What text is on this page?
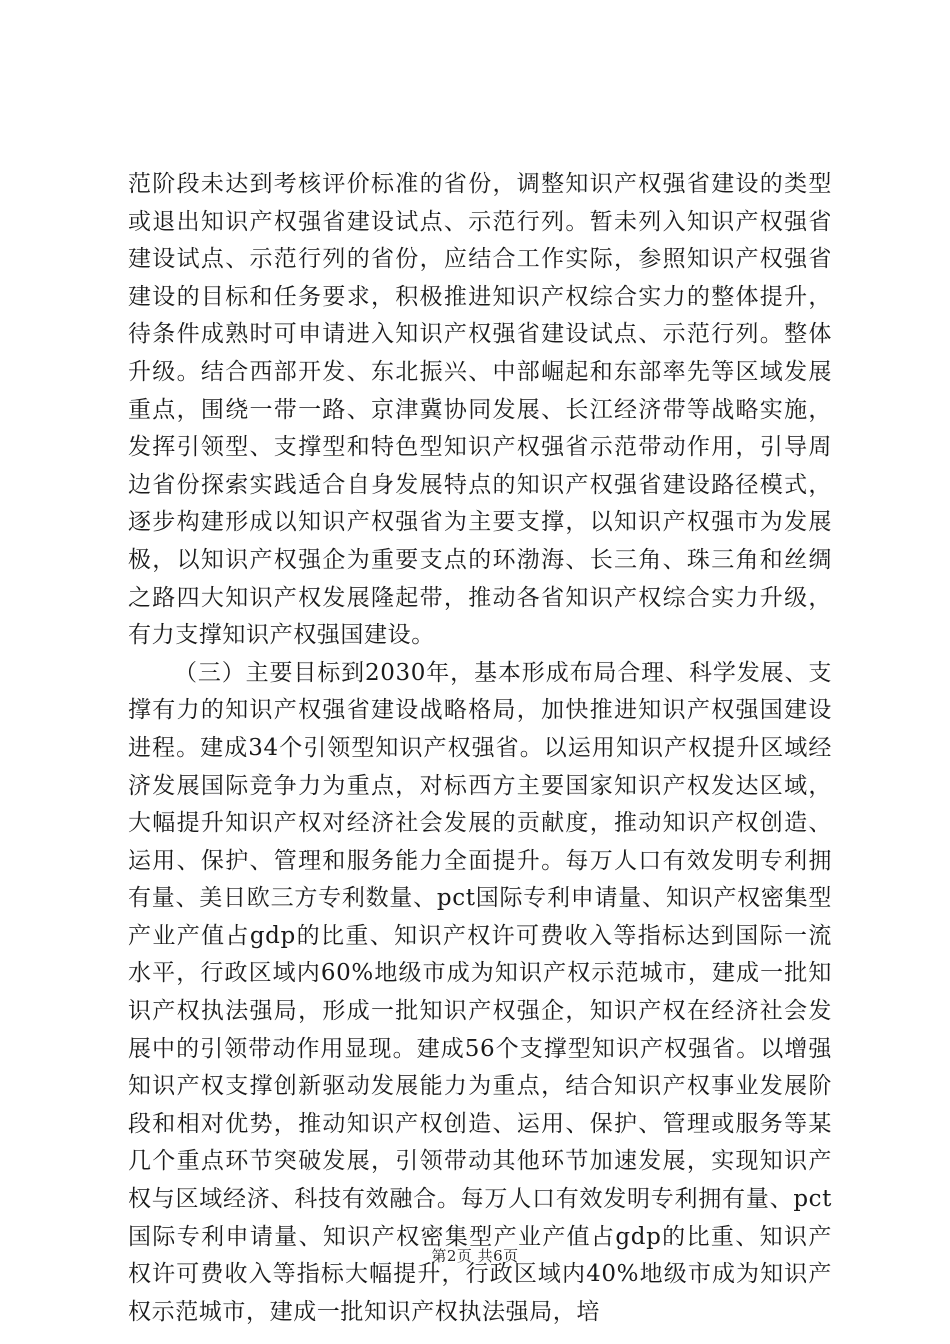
范阶段未达到考核评价标准的省份，调整知识产权强省建设的类型或退出知识产权强省建设试点、示范行列。暂未列入知识产权强省建设试点、示范行列的省份，应结合工作实际，参照知识产权强省建设的目标和任务要求，积极推进知识产权综合实力的整体提升，待条件成熟时可申请进入知识产权强省建设试点、示范行列。整体升级。结合西部开发、东北振兴、中部崛起和东部率先等区域发展重点，围绕一带一路、京津冀协同发展、长江经济带等战略实施，发挥引领型、支撑型和特色型知识产权强省示范带动作用，引导周边省份探索实践适合自身发展特点的知识产权强省建设路径模式，逐步构建形成以知识产权强省为主要支撑，以知识产权强市为发展极，以知识产权强企为重要支点的环渤海、长三角、珠三角和丝绸之路四大知识产权发展隆起带，推动各省知识产权综合实力升级，有力支撑知识产权强国建设。

（三）主要目标到2030年，基本形成布局合理、科学发展、支撑有力的知识产权强省建设战略格局，加快推进知识产权强国建设进程。建成34个引领型知识产权强省。以运用知识产权提升区域经济发展国际竞争力为重点，对标西方主要国家知识产权发达区域，大幅提升知识产权对经济社会发展的贡献度，推动知识产权创造、运用、保护、管理和服务能力全面提升。每万人口有效发明专利拥有量、美日欧三方专利数量、pct国际专利申请量、知识产权密集型产业产值占gdp的比重、知识产权许可费收入等指标达到国际一流水平，行政区域内60%地级市成为知识产权示范城市，建成一批知识产权执法强局，形成一批知识产权强企，知识产权在经济社会发展中的引领带动作用显现。建成56个支撑型知识产权强省。以增强知识产权支撑创新驱动发展能力为重点，结合知识产权事业发展阶段和相对优势，推动知识产权创造、运用、保护、管理或服务等某几个重点环节突破发展，引领带动其他环节加速发展，实现知识产权与区域经济、科技有效融合。每万人口有效发明专利拥有量、pct国际专利申请量、知识产权密集型产业产值占gdp的比重、知识产权许可费收入等指标大幅提升，行政区域内40%地级市成为知识产权示范城市，建成一批知识产权执法强局，培

第2页 共6页
